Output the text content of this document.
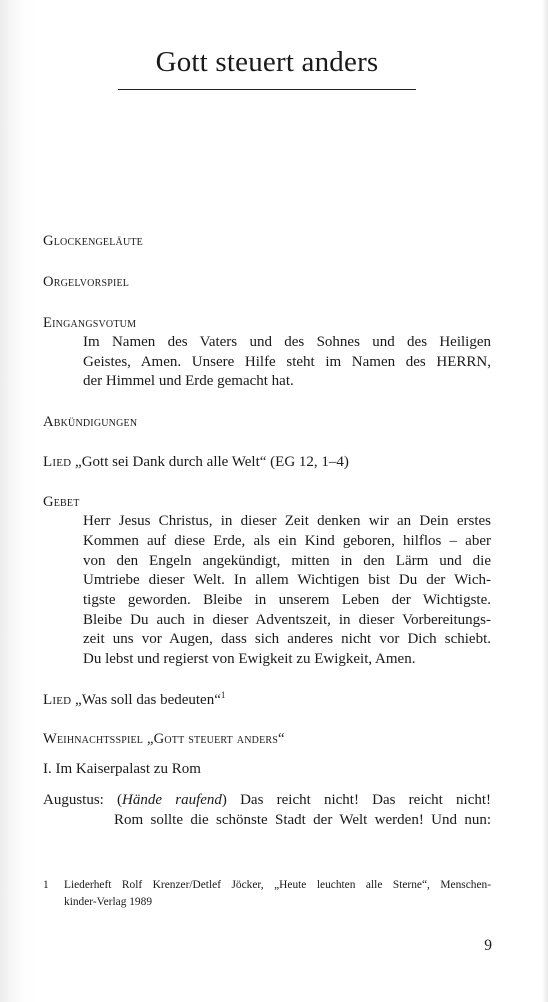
Gott steuert anders

Glockengeläute

Orgelvorspiel

Eingangsvotum

Im Namen des Vaters und des Sohnes und des Heiligen
Geistes, Amen. Unsere Hilfe steht im Namen des HERRN,
der Himmel und Erde gemacht hat.

Abkündigungen

Lied „Gott sei Dank durch alle Welt“ (EG 12, 1–4)

Gebet

Herr Jesus Christus, in dieser Zeit denken wir an Dein erstes
Kommen auf diese Erde, als ein Kind geboren, hilflos – aber
von den Engeln angekündigt, mitten in den Lärm und die
Umtriebe dieser Welt. In allem Wichtigen bist Du der Wich-
tigste geworden. Bleibe in unserem Leben der Wichtigste.
Bleibe Du auch in dieser Adventszeit, in dieser Vorbereitungs-
zeit uns vor Augen, dass sich anderes nicht vor Dich schiebt.
Du lebst und regierst von Ewigkeit zu Ewigkeit, Amen.

Lied „Was soll das bedeuten“$^1$

Weihnachtsspiel „Gott steuert anders“

I. Im Kaiserpalast zu Rom

Augustus: (Hände raufend) Das reicht nicht! Das reicht nicht!
Rom sollte die schönste Stadt der Welt werden! Und nun:
1 Liederheft Rolf Krenzer/Detlef Jöcker, „Heute leuchten alle Sterne“, Menschen-
kinder-Verlag 1989
9
